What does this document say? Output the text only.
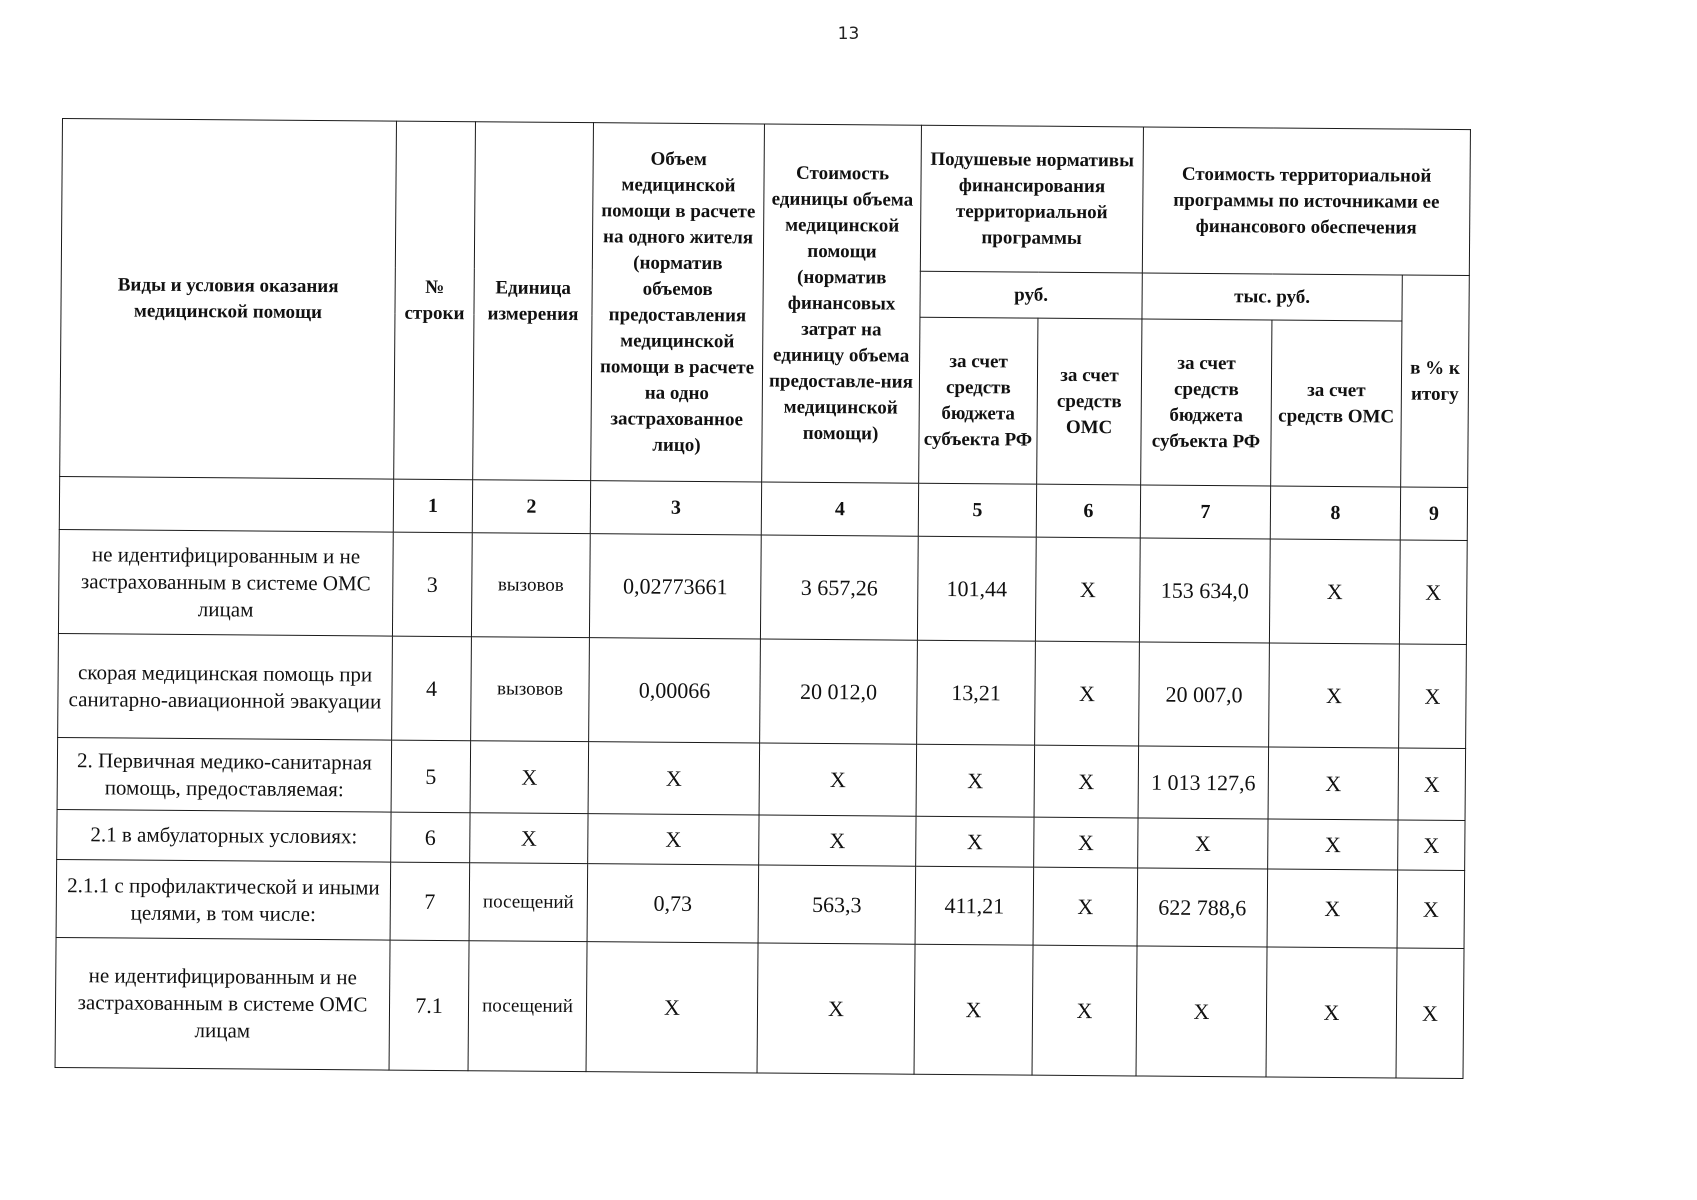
13
Виды и условия оказания медицинской помощи	№ строки	Единица измерения	Объем медицинской помощи в расчете на одного жителя (норматив объемов предоставления медицинской помощи в расчете на одно застрахованное лицо)	Стоимость единицы объема медицинской помощи (норматив финансовых затрат на единицу объема предоставле-ния медицинской помощи)	Подушевые нормативы финансирования территориальной программы		Стоимость территориальной программы по источниками ее финансового обеспечения		
					руб.		тыс. руб.		в % к итогу
					за счет средств бюджета субъекта РФ	за счет средств ОМС	за счет средств бюджета субъекта РФ	за счет средств ОМС	
	1	2	3	4	5	6	7	8	9
не идентифицированным и не застрахованным в системе ОМС лицам	3	вызовов	0,02773661	3 657,26	101,44	Х	153 634,0	Х	Х
скорая медицинская помощь при санитарно-авиационной эвакуации	4	вызовов	0,00066	20 012,0	13,21	Х	20 007,0	Х	Х
2. Первичная медико-санитарная помощь, предоставляемая:	5	Х	Х	Х	Х	Х	1 013 127,6	Х	Х
2.1 в амбулаторных условиях:	6	Х	Х	Х	Х	Х	Х	Х	Х
2.1.1 с профилактической и иными целями, в том числе:	7	посещений	0,73	563,3	411,21	Х	622 788,6	Х	Х
не идентифицированным и не застрахованным в системе ОМС лицам	7.1	посещений	Х	Х	Х	Х	Х	Х	Х
